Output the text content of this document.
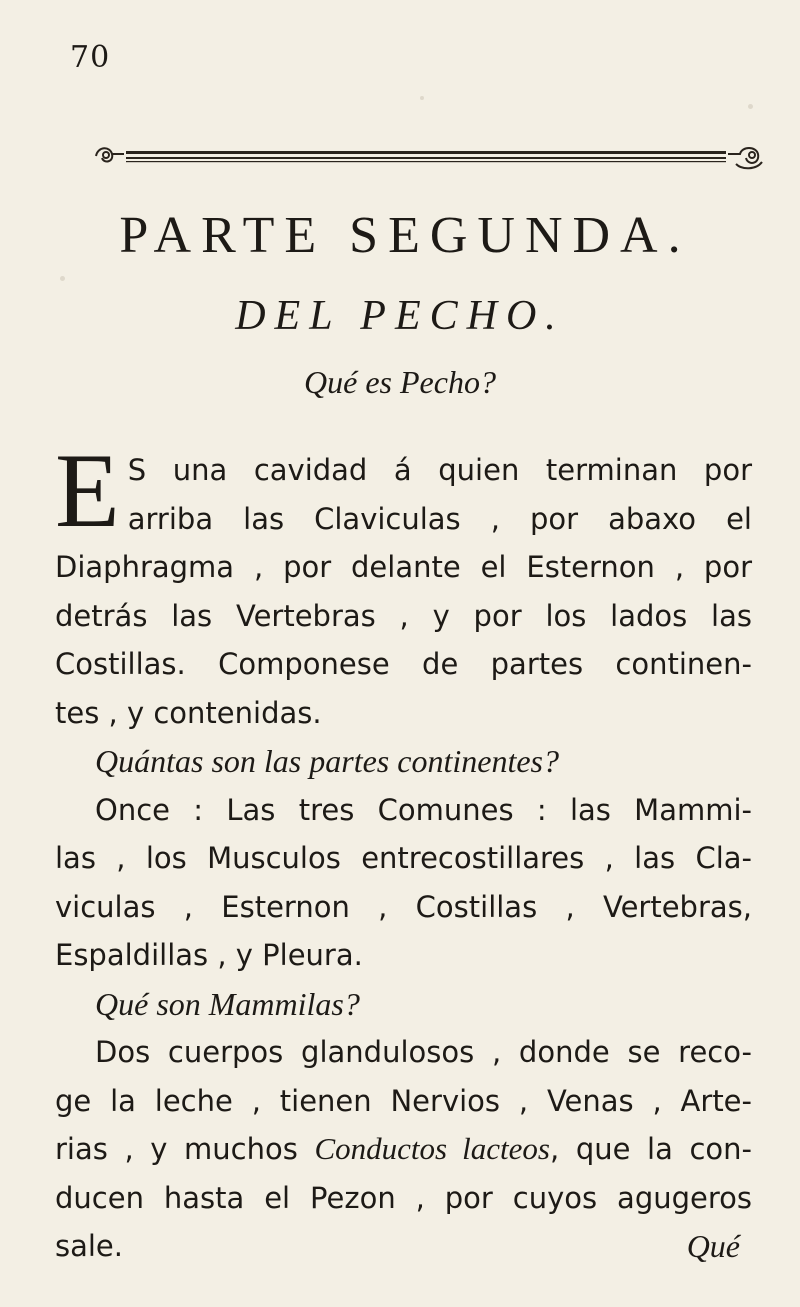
70
PARTE SEGUNDA.
DEL PECHO.
Qué es Pecho?
E S una cavidad á quien terminan por
arriba las Claviculas , por abaxo el
Diaphragma , por delante el Esternon , por
detrás las Vertebras , y por los lados las
Costillas. Componese de partes continen-
tes , y contenidas.
Quántas son las partes continentes?
Once : Las tres Comunes : las Mammi-
las , los Musculos entrecostillares , las Cla-
viculas , Esternon , Costillas , Vertebras,
Espaldillas , y Pleura.
Qué son Mammilas?
Dos cuerpos glandulosos , donde se reco-
ge la leche , tienen Nervios , Venas , Arte-
rias , y muchos Conductos lacteos, que la con-
ducen hasta el Pezon , por cuyos agugeros
sale.	Qué
